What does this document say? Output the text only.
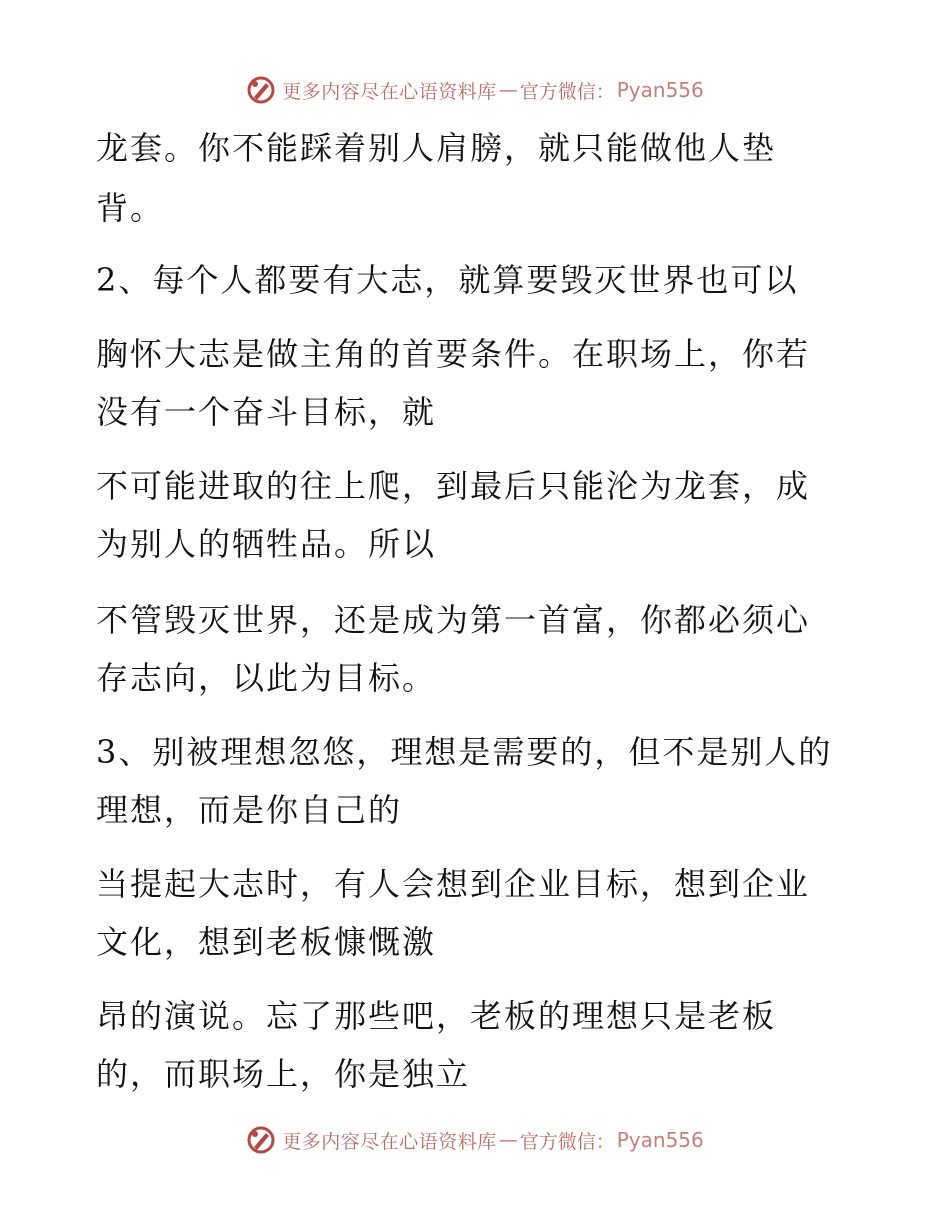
更多内容尽在心语资料库 — 官方微信： Pyan556
龙套。你不能踩着别人肩膀，就只能做他人垫
背。
2、每个人都要有大志，就算要毁灭世界也可以
胸怀大志是做主角的首要条件。在职场上，你若
没有一个奋斗目标，就
不可能进取的往上爬，到最后只能沦为龙套，成
为别人的牺牲品。所以
不管毁灭世界，还是成为第一首富，你都必须心
存志向，以此为目标。
3、别被理想忽悠，理想是需要的，但不是别人的
理想，而是你自己的
当提起大志时，有人会想到企业目标，想到企业
文化，想到老板慷慨激
昂的演说。忘了那些吧，老板的理想只是老板
的，而职场上，你是独立
更多内容尽在心语资料库 — 官方微信： Pyan556
